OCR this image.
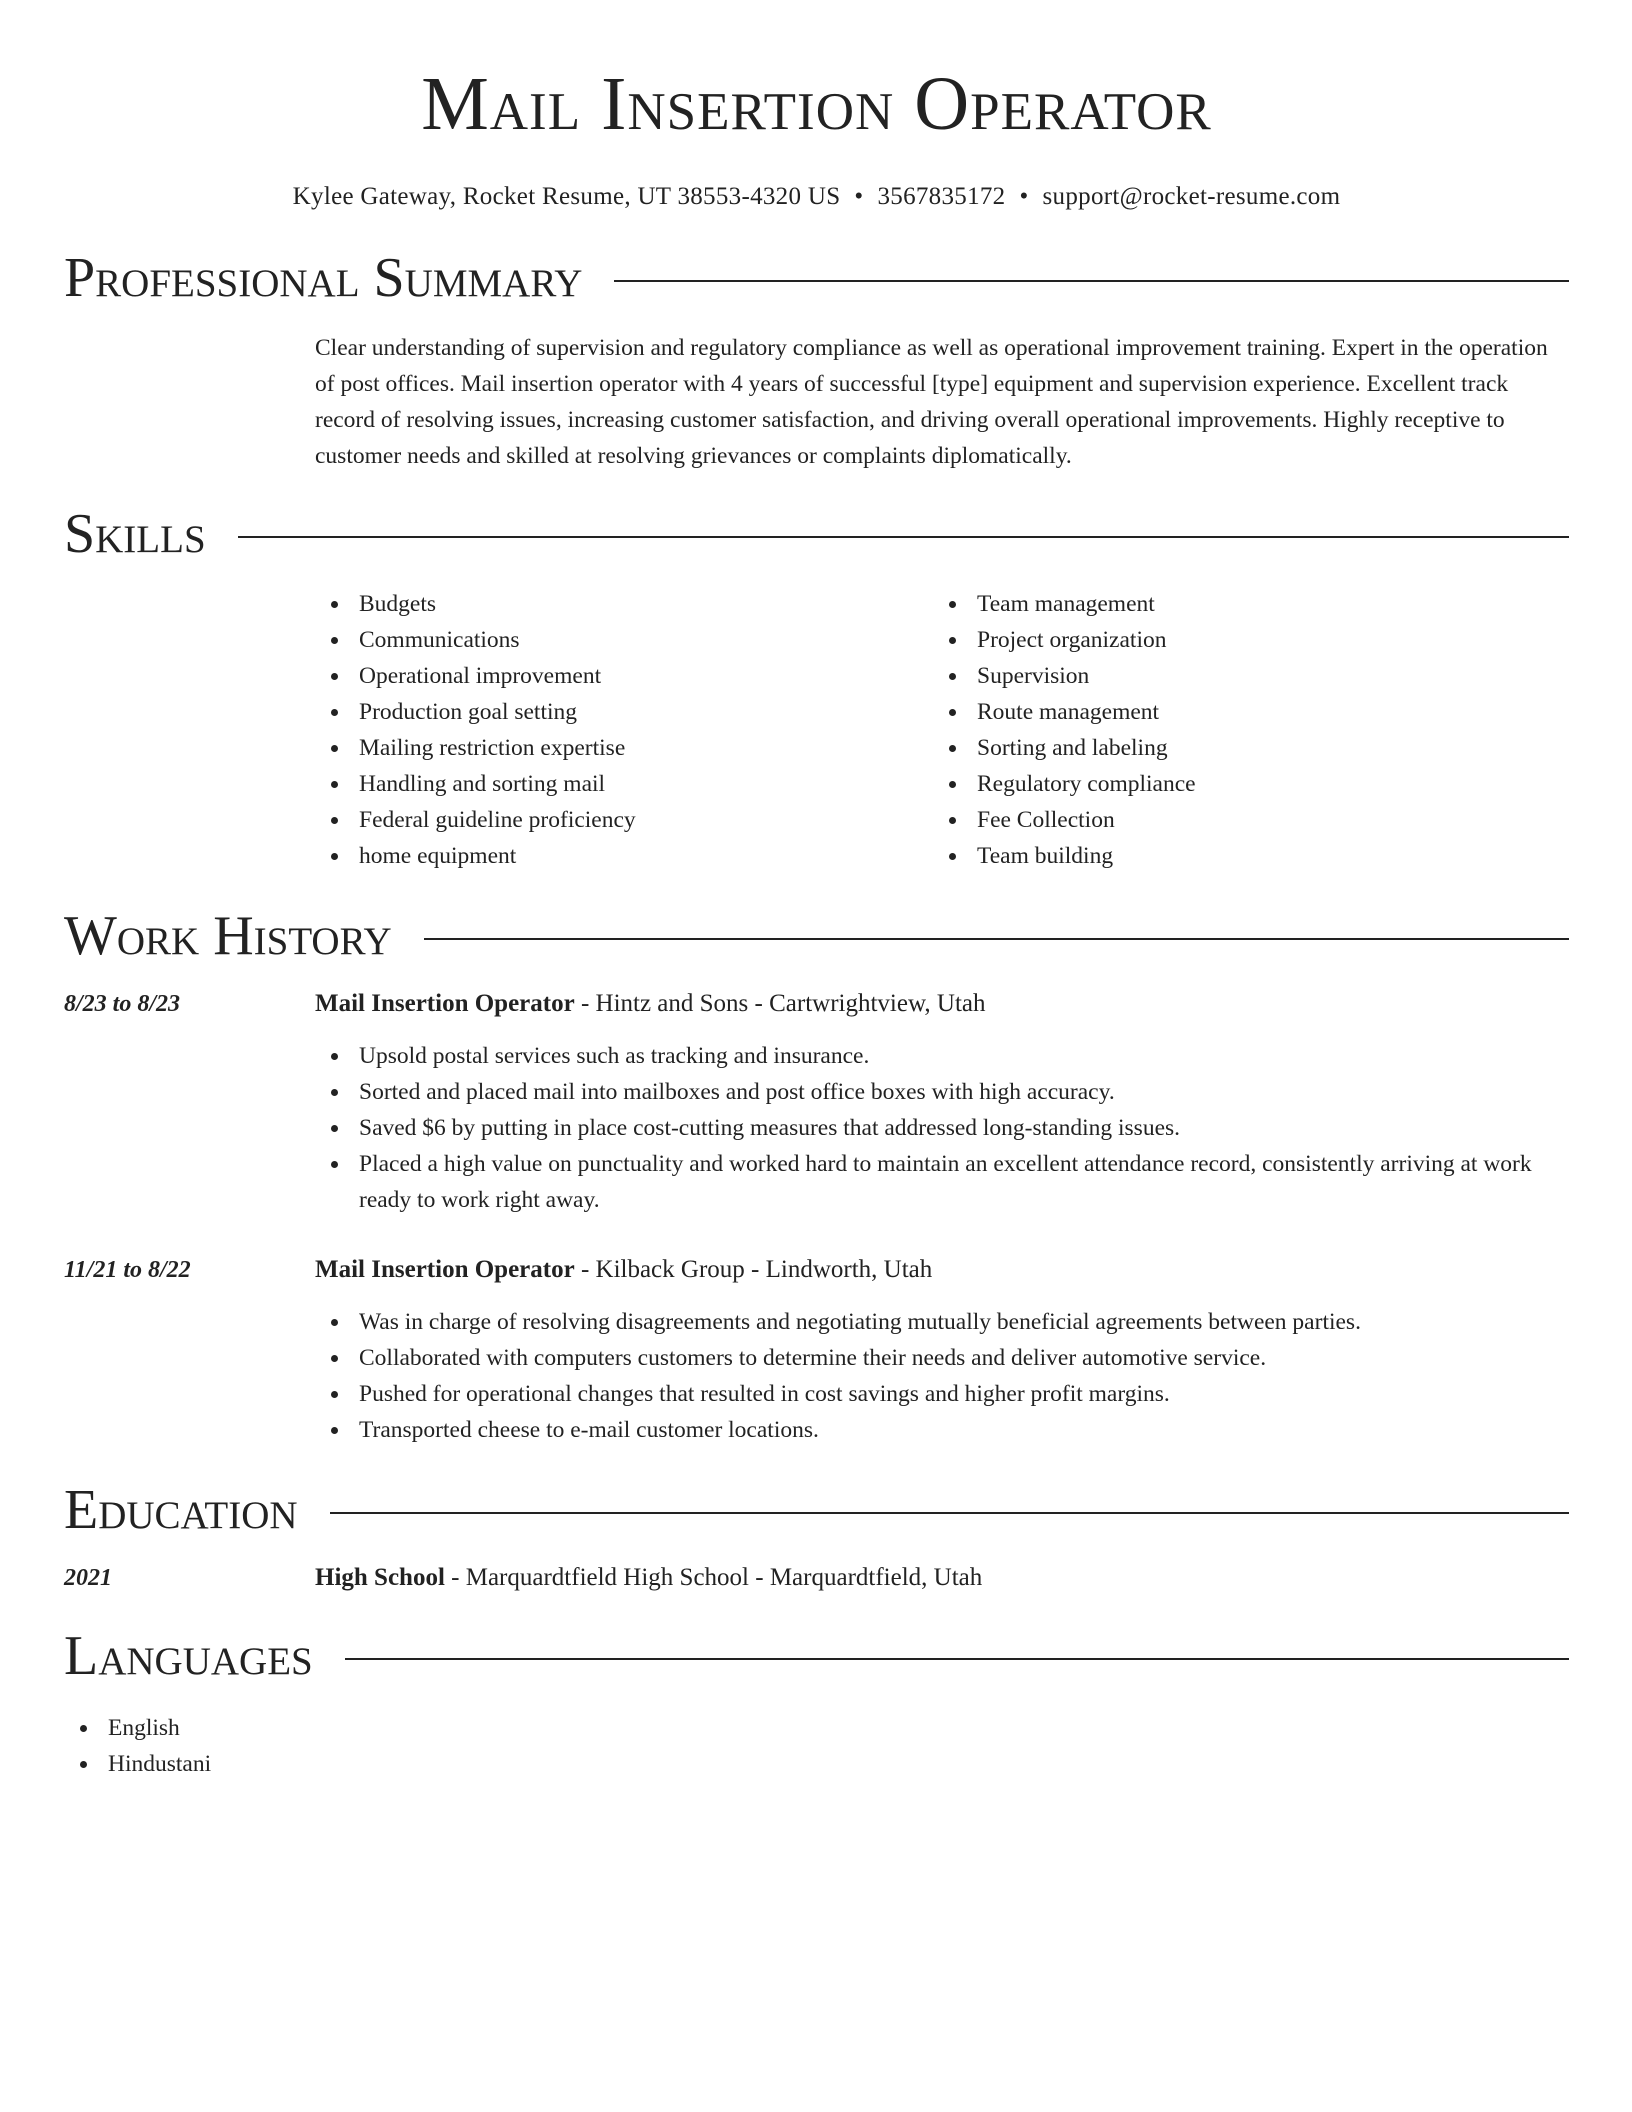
Mail Insertion Operator
Kylee Gateway, Rocket Resume, UT 38553-4320 US • 3567835172 • support@rocket-resume.com
Professional Summary

Clear understanding of supervision and regulatory compliance as well as operational improvement training. Expert in the operation of post offices. Mail insertion operator with 4 years of successful [type] equipment and supervision experience. Excellent track record of resolving issues, increasing customer satisfaction, and driving overall operational improvements. Highly receptive to customer needs and skilled at resolving grievances or complaints diplomatically.

Skills
Budgets
Communications
Operational improvement
Production goal setting
Mailing restriction expertise
Handling and sorting mail
Federal guideline proficiency
home equipment
Team management
Project organization
Supervision
Route management
Sorting and labeling
Regulatory compliance
Fee Collection
Team building
Work History
8/23 to 8/23	Mail Insertion Operator - Hintz and Sons - Cartwrightview, Utah
Upsold postal services such as tracking and insurance.
Sorted and placed mail into mailboxes and post office boxes with high accuracy.
Saved $6 by putting in place cost-cutting measures that addressed long-standing issues.
Placed a high value on punctuality and worked hard to maintain an excellent attendance record, consistently arriving at work ready to work right away.
11/21 to 8/22	Mail Insertion Operator - Kilback Group - Lindworth, Utah
Was in charge of resolving disagreements and negotiating mutually beneficial agreements between parties.
Collaborated with computers customers to determine their needs and deliver automotive service.
Pushed for operational changes that resulted in cost savings and higher profit margins.
Transported cheese to e-mail customer locations.
Education
2021	High School - Marquardtfield High School - Marquardtfield, Utah
Languages
English
Hindustani
